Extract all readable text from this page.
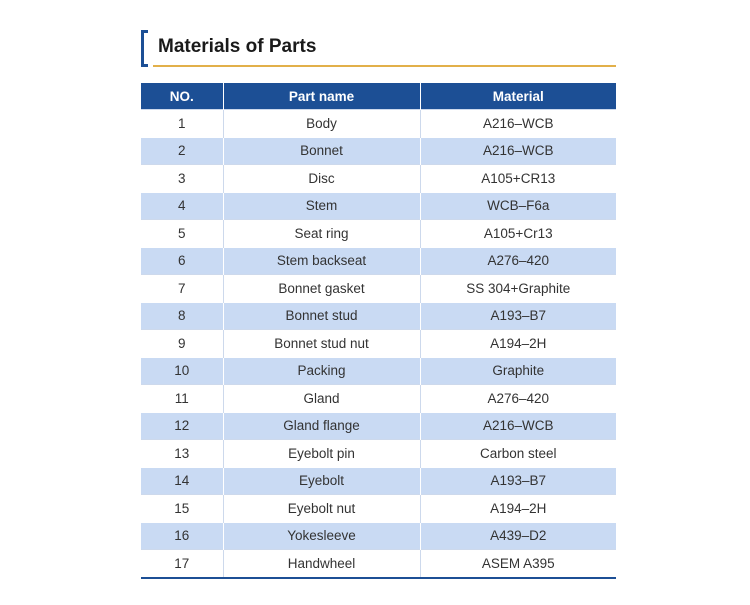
Materials of Parts
NO.	Part name	Material
1	Body	A216–WCB
2	Bonnet	A216–WCB
3	Disc	A105+CR13
4	Stem	WCB–F6a
5	Seat ring	A105+Cr13
6	Stem backseat	A276–420
7	Bonnet gasket	SS 304+Graphite
8	Bonnet stud	A193–B7
9	Bonnet stud nut	A194–2H
10	Packing	Graphite
11	Gland	A276–420
12	Gland flange	A216–WCB
13	Eyebolt pin	Carbon steel
14	Eyebolt	A193–B7
15	Eyebolt nut	A194–2H
16	Yokesleeve	A439–D2
17	Handwheel	ASEM A395
